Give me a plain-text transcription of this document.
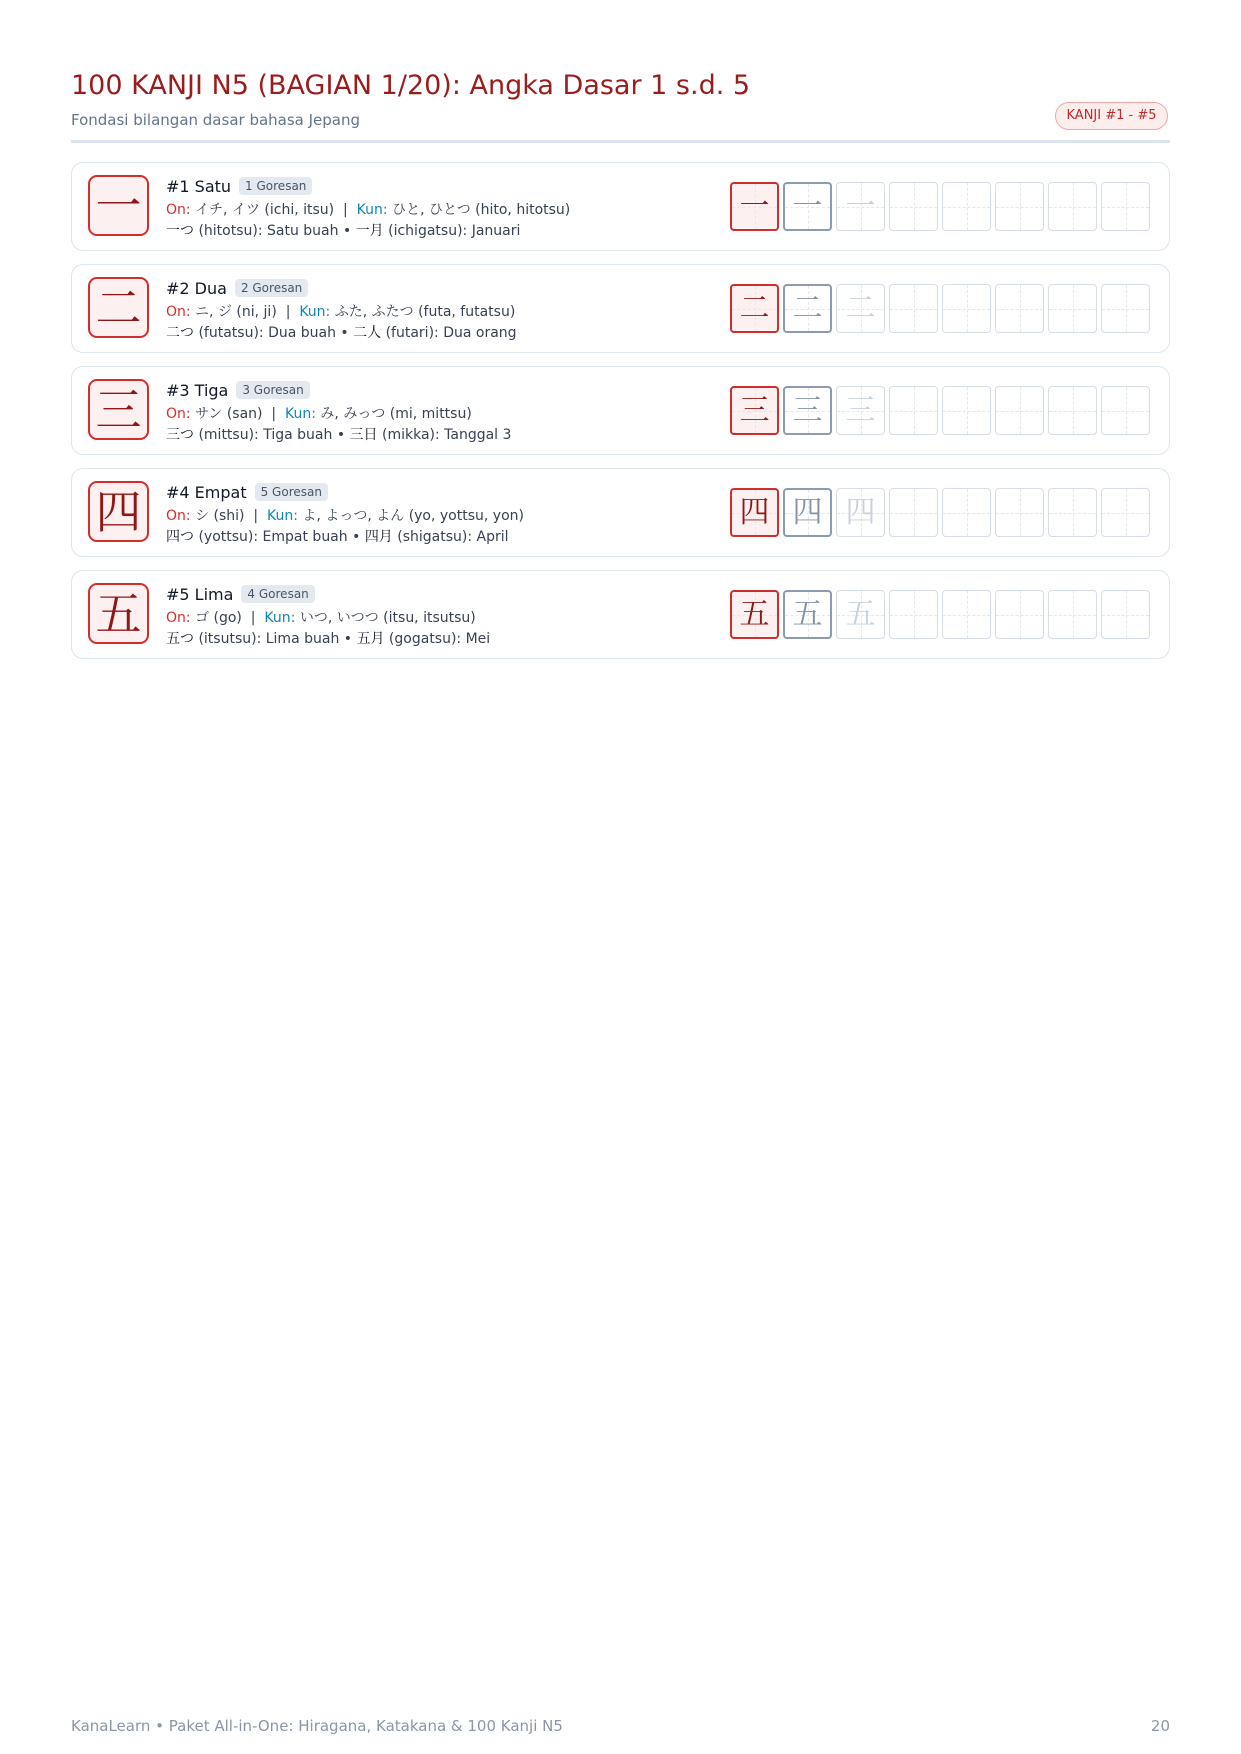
100 KANJI N5 (BAGIAN 1/20): Angka Dasar 1 s.d. 5
Fondasi bilangan dasar bahasa Jepang	KANJI #1 - #5
一	#1 Satu	1 Goresan
On: イチ, イツ (ichi, itsu) | Kun: ひと, ひとつ (hito, hitotsu)
一つ (hitotsu): Satu buah • 一月 (ichigatsu): Januari
一 一 一
二	#2 Dua	2 Goresan
On: ニ, ジ (ni, ji) | Kun: ふた, ふたつ (futa, futatsu)
二つ (futatsu): Dua buah • 二人 (futari): Dua orang
二 二 二
三	#3 Tiga	3 Goresan
On: サン (san) | Kun: み, みっつ (mi, mittsu)
三つ (mittsu): Tiga buah • 三日 (mikka): Tanggal 3
三 三 三
四	#4 Empat	5 Goresan
On: シ (shi) | Kun: よ, よっつ, よん (yo, yottsu, yon)
四つ (yottsu): Empat buah • 四月 (shigatsu): April
四 四 四
五	#5 Lima	4 Goresan
On: ゴ (go) | Kun: いつ, いつつ (itsu, itsutsu)
五つ (itsutsu): Lima buah • 五月 (gogatsu): Mei
五 五 五
KanaLearn • Paket All-in-One: Hiragana, Katakana & 100 Kanji N5	20
